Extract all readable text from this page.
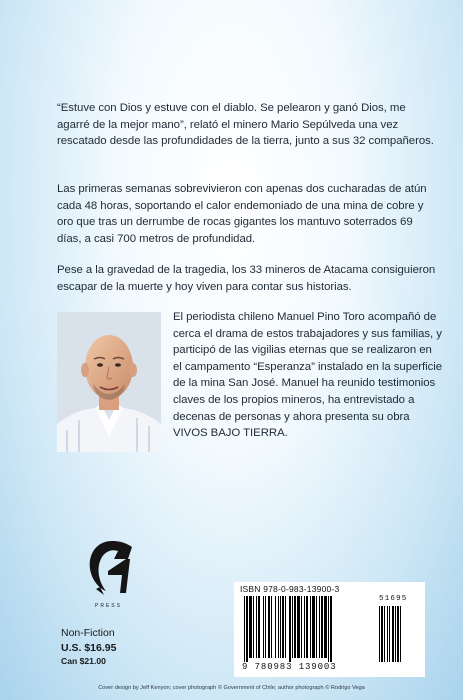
“Estuve con Dios y estuve con el diablo. Se pelearon y ganó Dios, me agarré de la mejor mano”, relató el minero Mario Sepúlveda una vez rescatado desde las profundidades de la tierra, junto a sus 32 compañeros.
Las primeras semanas sobrevivieron con apenas dos cucharadas de atún cada 48 horas, soportando el calor endemoniado de una mina de cobre y oro que tras un derrumbe de rocas gigantes los mantuvo soterrados 69 días, a casi 700 metros de profundidad.
Pese a la gravedad de la tragedia, los 33 mineros de Atacama consiguieron escapar de la muerte y hoy viven para contar sus historias.
El periodista chileno Manuel Pino Toro acompañó de cerca el drama de estos trabajadores y sus familias, y participó de las vigilias eternas que se realizaron en el campamento “Esperanza” instalado en la superficie de la mina San José. Manuel ha reunido testimonios claves de los propios mineros, ha entrevistado a decenas de personas y ahora presenta su obra VIVOS BAJO TIERRA.
PRESS
Non-Fiction
U.S. $16.95
Can $21.00
ISBN 978-0-983-13900-3
51695
9 780983 139003
Cover design by Jeff Kenyon; cover photograph © Government of Chile; author photograph © Rodrigo Vega
